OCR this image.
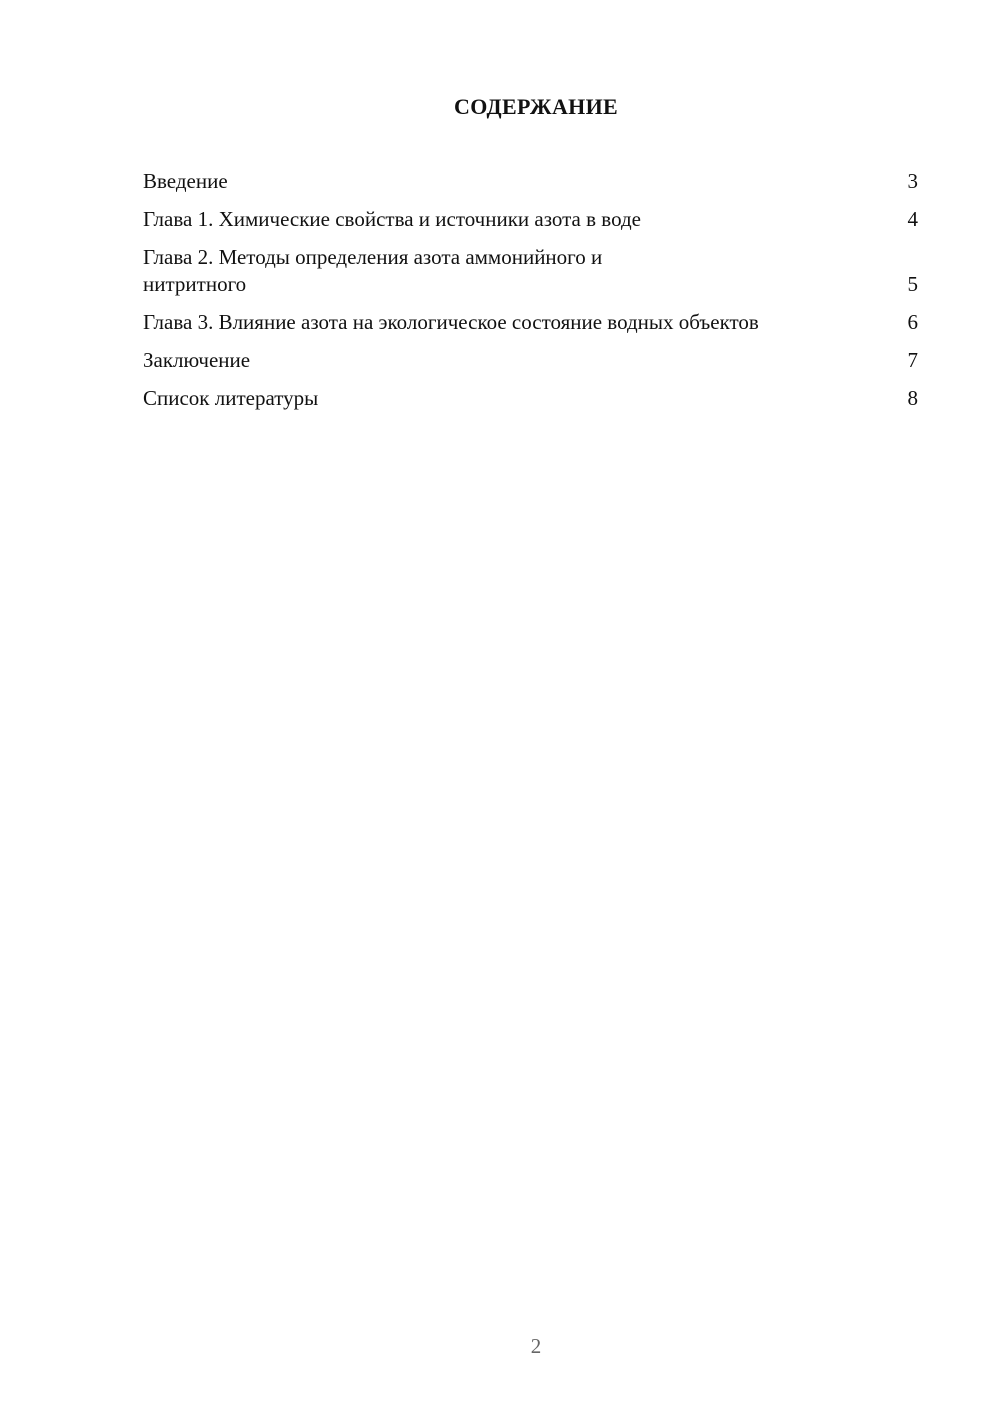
СОДЕРЖАНИЕ
Введение	3
Глава 1. Химические свойства и источники азота в воде	4
Глава 2. Методы определения азота аммонийного и нитритного	5
Глава 3. Влияние азота на экологическое состояние водных объектов	6
Заключение	7
Список литературы	8
2
